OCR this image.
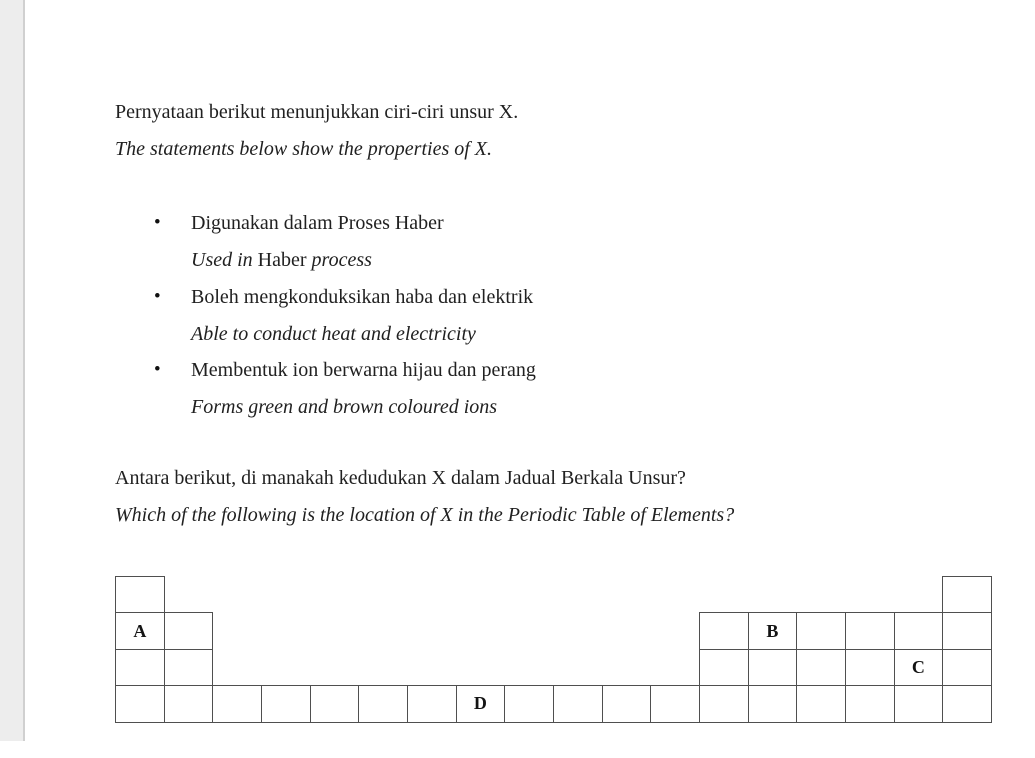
Pernyataan berikut menunjukkan ciri-ciri unsur X.
The statements below show the properties of X.
• Digunakan dalam Proses Haber
Used in Haber process
• Boleh mengkonduksikan haba dan elektrik
Able to conduct heat and electricity
• Membentuk ion berwarna hijau dan perang
Forms green and brown coloured ions
Antara berikut, di manakah kedudukan X dalam Jadual Berkala Unsur?
Which of the following is the location of X in the Periodic Table of Elements?

A													B				
																C	
							D										
